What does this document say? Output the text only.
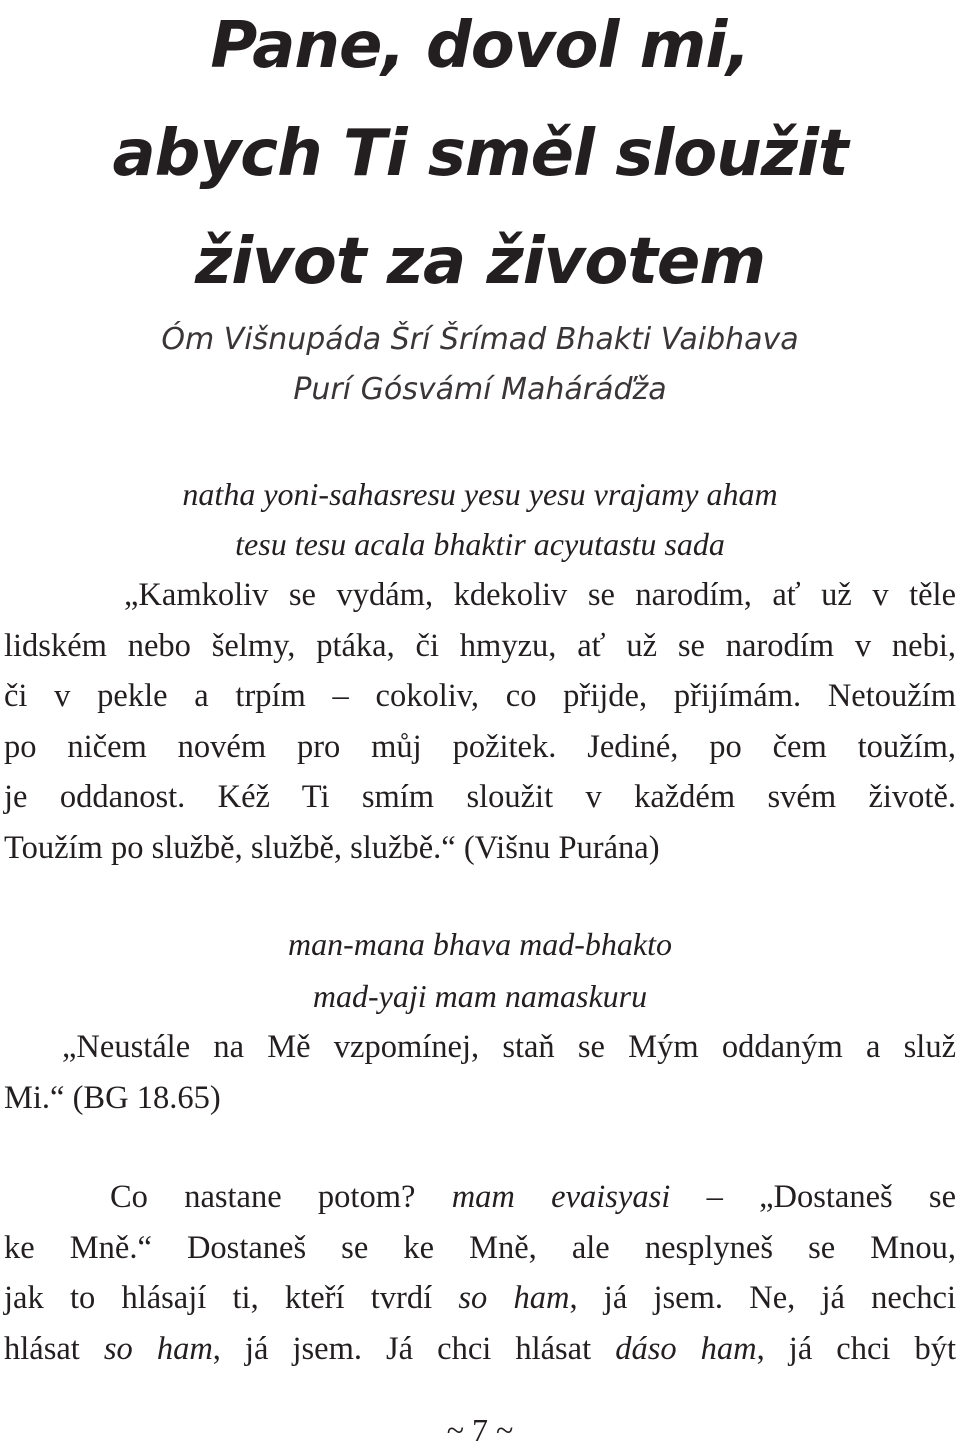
Pane, dovol mi,
abych Ti směl sloužit
život za životem
Óm Višnupáda Šrí Šrímad Bhakti Vaibhava
Purí Gósvámí Maháráďža
natha yoni-sahasresu yesu yesu vrajamy aham
tesu tesu acala bhaktir acyutastu sada
„Kamkoliv se vydám, kdekoliv se narodím, ať už v těle
lidském nebo šelmy, ptáka, či hmyzu, ať už se narodím v nebi,
či v pekle a trpím – cokoliv, co přijde, přijímám. Netoužím
po ničem novém pro můj požitek. Jediné, po čem toužím,
je oddanost. Kéž Ti smím sloužit v každém svém životě.
Toužím po službě, službě, službě.“ (Višnu Purána)
man-mana bhava mad-bhakto
mad-yaji mam namaskuru
„Neustále na Mě vzpomínej, staň se Mým oddaným a služ
Mi.“ (BG 18.65)
Co nastane potom? mam evaisyasi – „Dostaneš se
ke Mně.“ Dostaneš se ke Mně, ale nesplyneš se Mnou,
jak to hlásají ti, kteří tvrdí so ham, já jsem. Ne, já nechci
hlásat so ham, já jsem. Já chci hlásat dáso ham, já chci být
~ 7 ~
